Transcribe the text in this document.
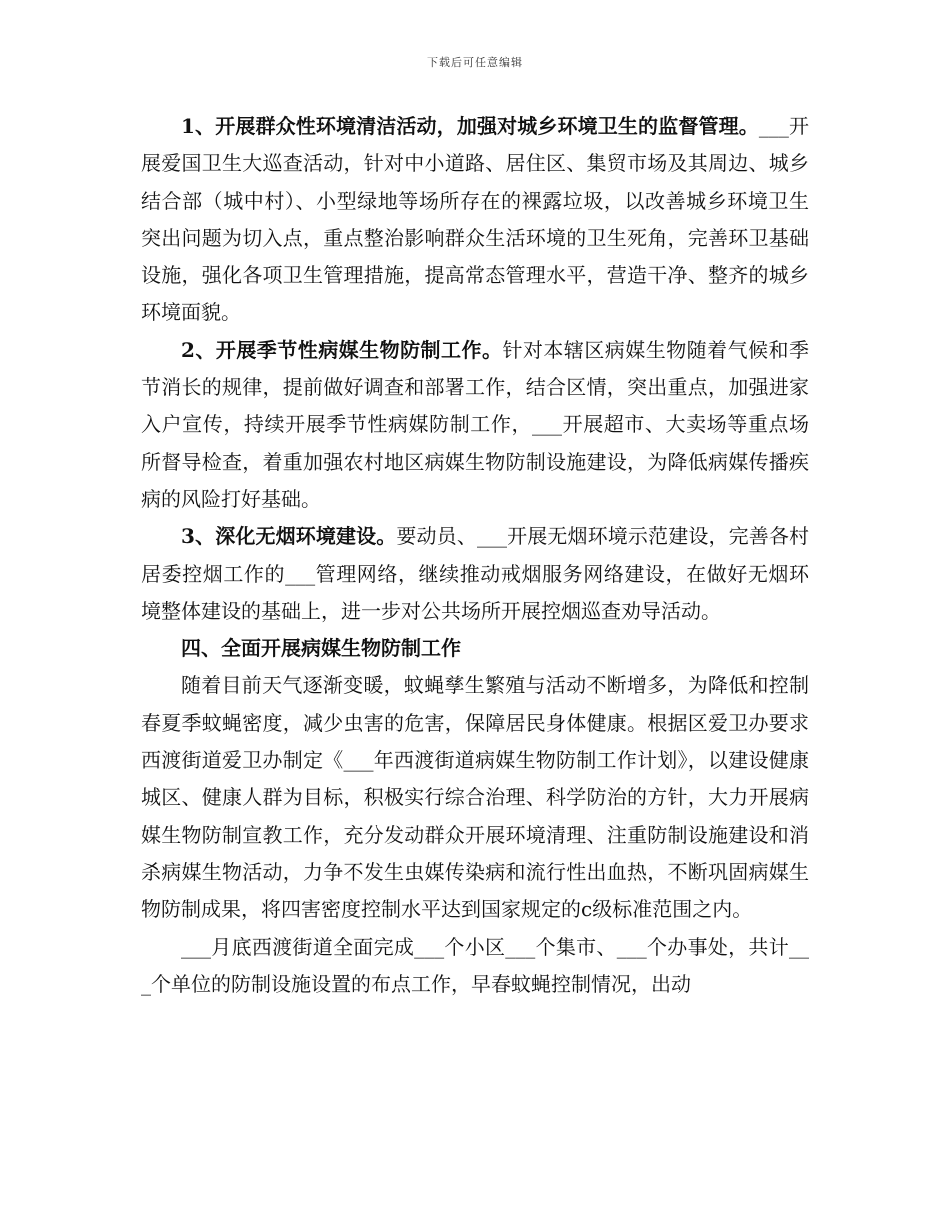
下载后可任意编辑

1、开展群众性环境清洁活动，加强对城乡环境卫生的监督管理。___开展爱国卫生大巡查活动，针对中小道路、居住区、集贸市场及其周边、城乡结合部（城中村）、小型绿地等场所存在的裸露垃圾，以改善城乡环境卫生突出问题为切入点，重点整治影响群众生活环境的卫生死角，完善环卫基础设施，强化各项卫生管理措施，提高常态管理水平，营造干净、整齐的城乡环境面貌。

2、开展季节性病媒生物防制工作。针对本辖区病媒生物随着气候和季节消长的规律，提前做好调查和部署工作，结合区情，突出重点，加强进家入户宣传，持续开展季节性病媒防制工作，___开展超市、大卖场等重点场所督导检查，着重加强农村地区病媒生物防制设施建设，为降低病媒传播疾病的风险打好基础。

3、深化无烟环境建设。要动员、___开展无烟环境示范建设，完善各村居委控烟工作的___管理网络，继续推动戒烟服务网络建设，在做好无烟环境整体建设的基础上，进一步对公共场所开展控烟巡查劝导活动。

四、全面开展病媒生物防制工作

随着目前天气逐渐变暖，蚊蝇孳生繁殖与活动不断增多，为降低和控制春夏季蚊蝇密度，减少虫害的危害，保障居民身体健康。根据区爱卫办要求西渡街道爱卫办制定《___年西渡街道病媒生物防制工作计划》，以建设健康城区、健康人群为目标，积极实行综合治理、科学防治的方针，大力开展病媒生物防制宣教工作，充分发动群众开展环境清理、注重防制设施建设和消杀病媒生物活动，力争不发生虫媒传染病和流行性出血热，不断巩固病媒生物防制成果，将四害密度控制水平达到国家规定的c级标准范围之内。

___月底西渡街道全面完成___个小区___个集市、___个办事处，共计___个单位的防制设施设置的布点工作，早春蚊蝇控制情况，出动
